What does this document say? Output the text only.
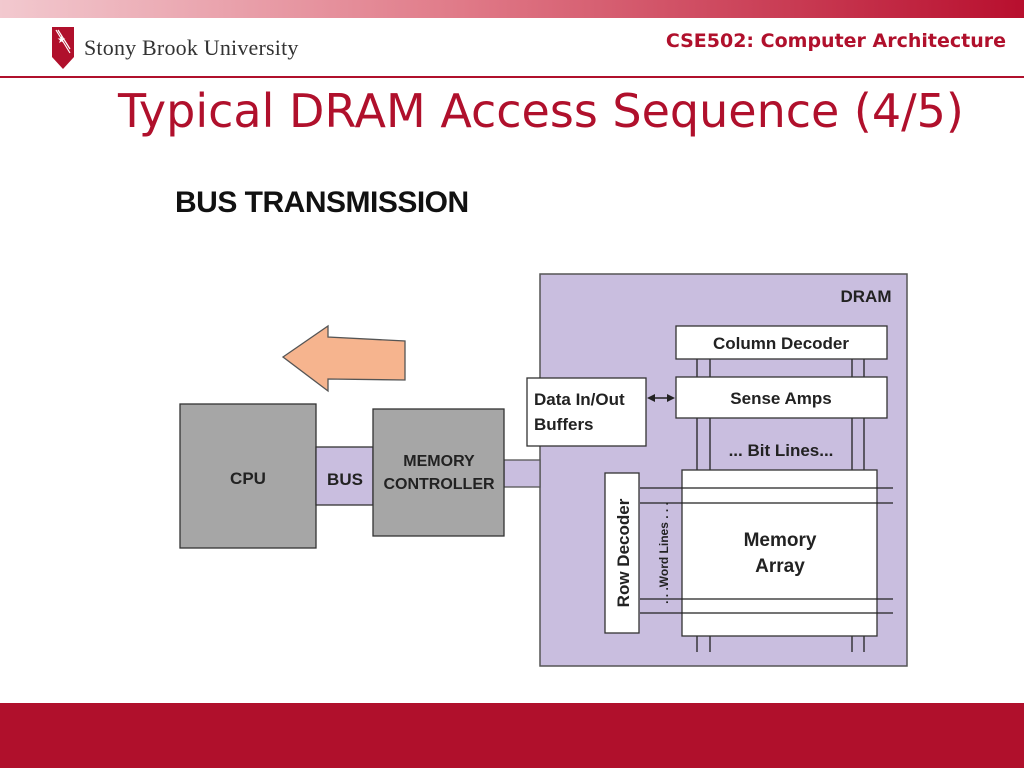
★ Stony Brook University	CSE502: Computer Architecture
Typical DRAM Access Sequence (4/5)
BUS TRANSMISSION
DRAM
Column Decoder
Sense Amps
Data In/Out
Buffers
... Bit Lines...
Memory
Array
Row Decoder . . .Word Lines . . .
CPU	BUS
MEMORY
CONTROLLER
